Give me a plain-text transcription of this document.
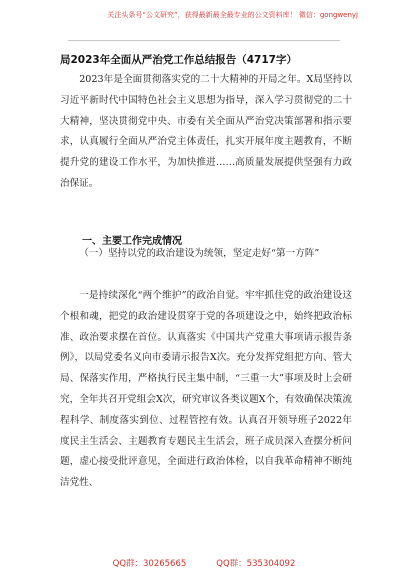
关注头条号“公文研究”，获得最新最全最专业的公文资料库！ 微信：gongwenyj
局2023年全面从严治党工作总结报告（4717字）
2023年是全面贯彻落实党的二十大精神的开局之年。X局坚持以习近平新时代中国特色社会主义思想为指导，深入学习贯彻党的二十大精神，坚决贯彻党中央、市委有关全面从严治党决策部署和指示要求，认真履行全面从严治党主体责任，扎实开展年度主题教育，不断提升党的建设工作水平，为加快推进……高质量发展提供坚强有力政治保证。
一、主要工作完成情况
（一）坚持以党的政治建设为统领，坚定走好“第一方阵”
一是持续深化“两个维护”的政治自觉。牢牢抓住党的政治建设这个根和魂，把党的政治建设贯穿于党的各项建设之中，始终把政治标准、政治要求摆在首位。认真落实《中国共产党重大事项请示报告条例》，以局党委名义向市委请示报告X次。充分发挥党组把方向、管大局、保落实作用，严格执行民主集中制，“三重一大”事项及时上会研究，全年共召开党组会X次，研究审议各类议题X个，有效确保决策流程科学、制度落实到位、过程管控有效。认真召开领导班子2022年度民主生活会、主题教育专题民主生活会，班子成员深入查摆分析问题，虚心接受批评意见，全面进行政治体检，以自我革命精神不断纯洁党性、
QQ群：30265665	QQ群：535304092
